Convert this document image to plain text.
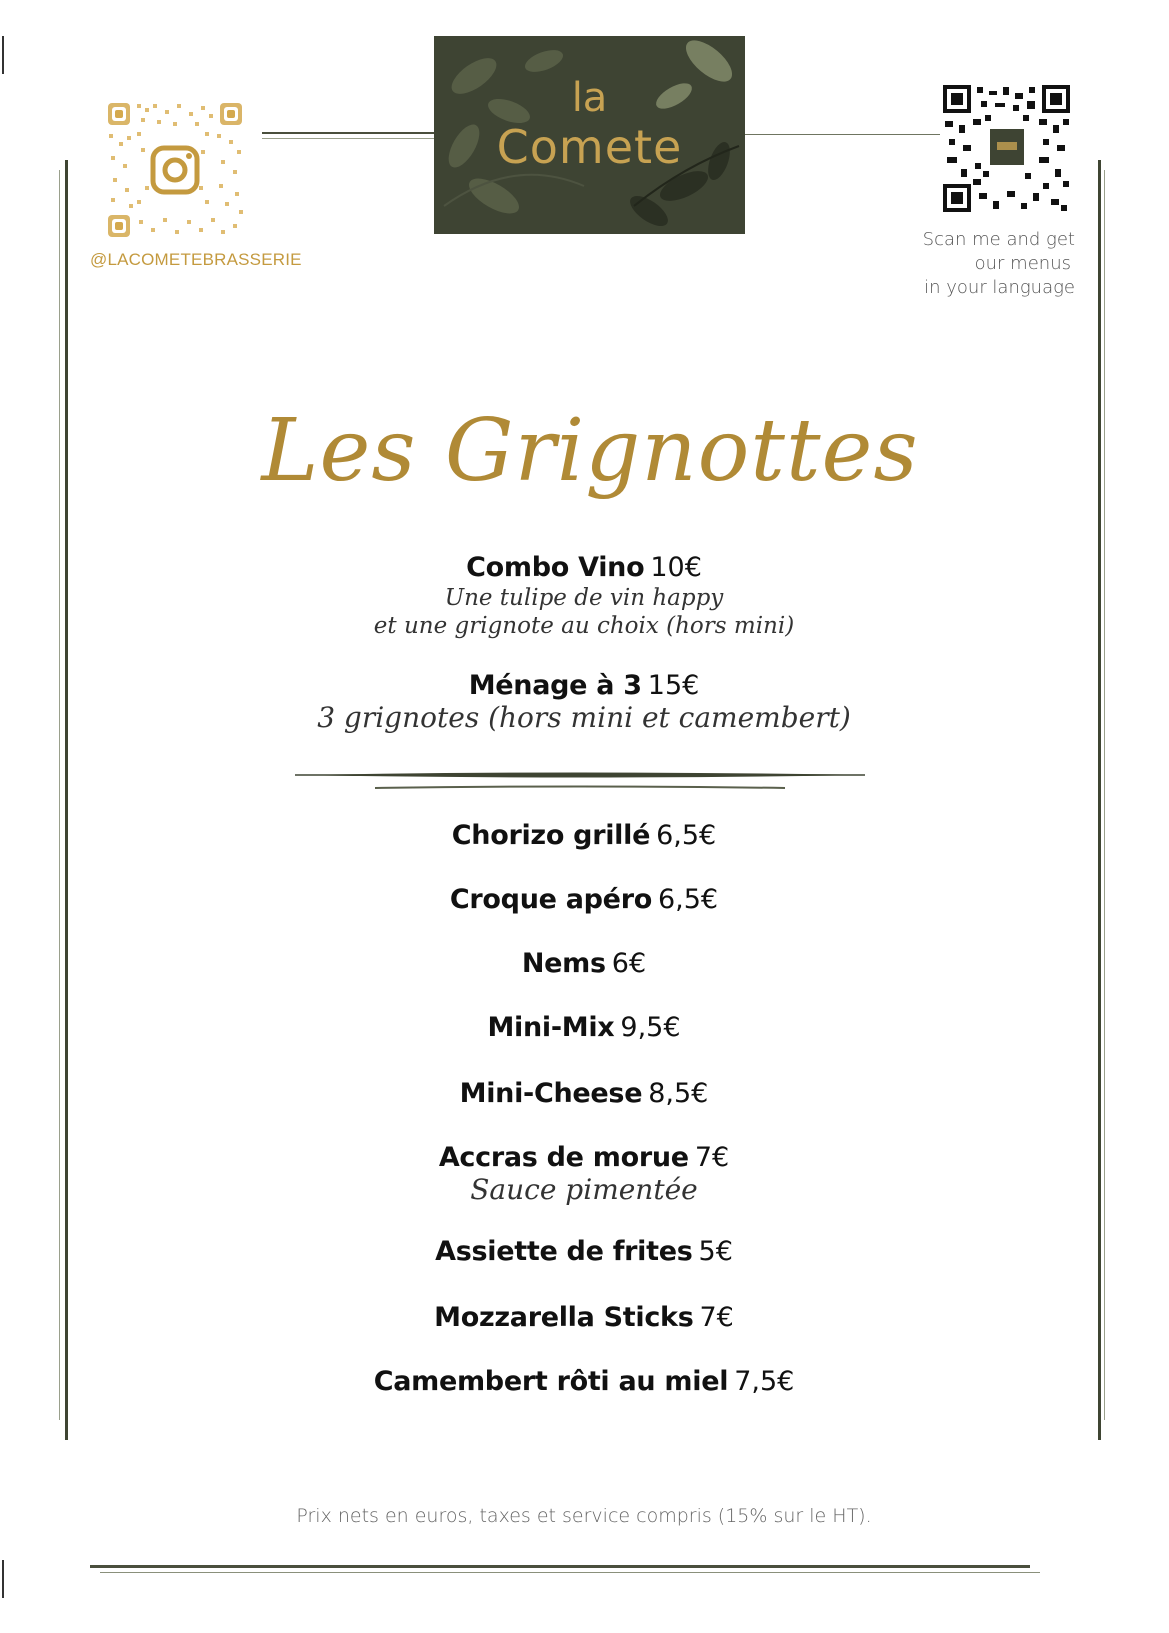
@LACOMETEBRASSERIE
la
Comete
Scan me and get
our menus
in your language
Les Grignottes
Combo Vino 10€
Une tulipe de vin happy
et une grignote au choix (hors mini)
Ménage à 3 15€
3 grignotes (hors mini et camembert)
Chorizo grillé 6,5€
Croque apéro 6,5€
Nems 6€
Mini-Mix 9,5€
Mini-Cheese 8,5€
Accras de morue 7€
Sauce pimentée
Assiette de frites 5€
Mozzarella Sticks 7€
Camembert rôti au miel 7,5€
Prix nets en euros, taxes et service compris (15% sur le HT).
